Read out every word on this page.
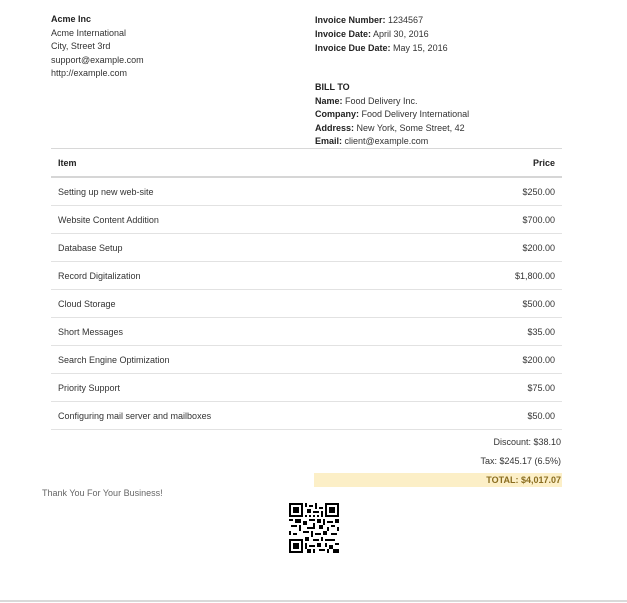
Acme Inc
Acme International
City, Street 3rd
support@example.com
http://example.com
Invoice Number: 1234567
Invoice Date: April 30, 2016
Invoice Due Date: May 15, 2016
BILL TO
Name: Food Delivery Inc.
Company: Food Delivery International
Address: New York, Some Street, 42
Email: client@example.com
Item	Price
Setting up new web-site	$250.00
Website Content Addition	$700.00
Database Setup	$200.00
Record Digitalization	$1,800.00
Cloud Storage	$500.00
Short Messages	$35.00
Search Engine Optimization	$200.00
Priority Support	$75.00
Configuring mail server and mailboxes	$50.00
Discount: $38.10
Tax: $245.17 (6.5%)
TOTAL: $4,017.07
Thank You For Your Business!
